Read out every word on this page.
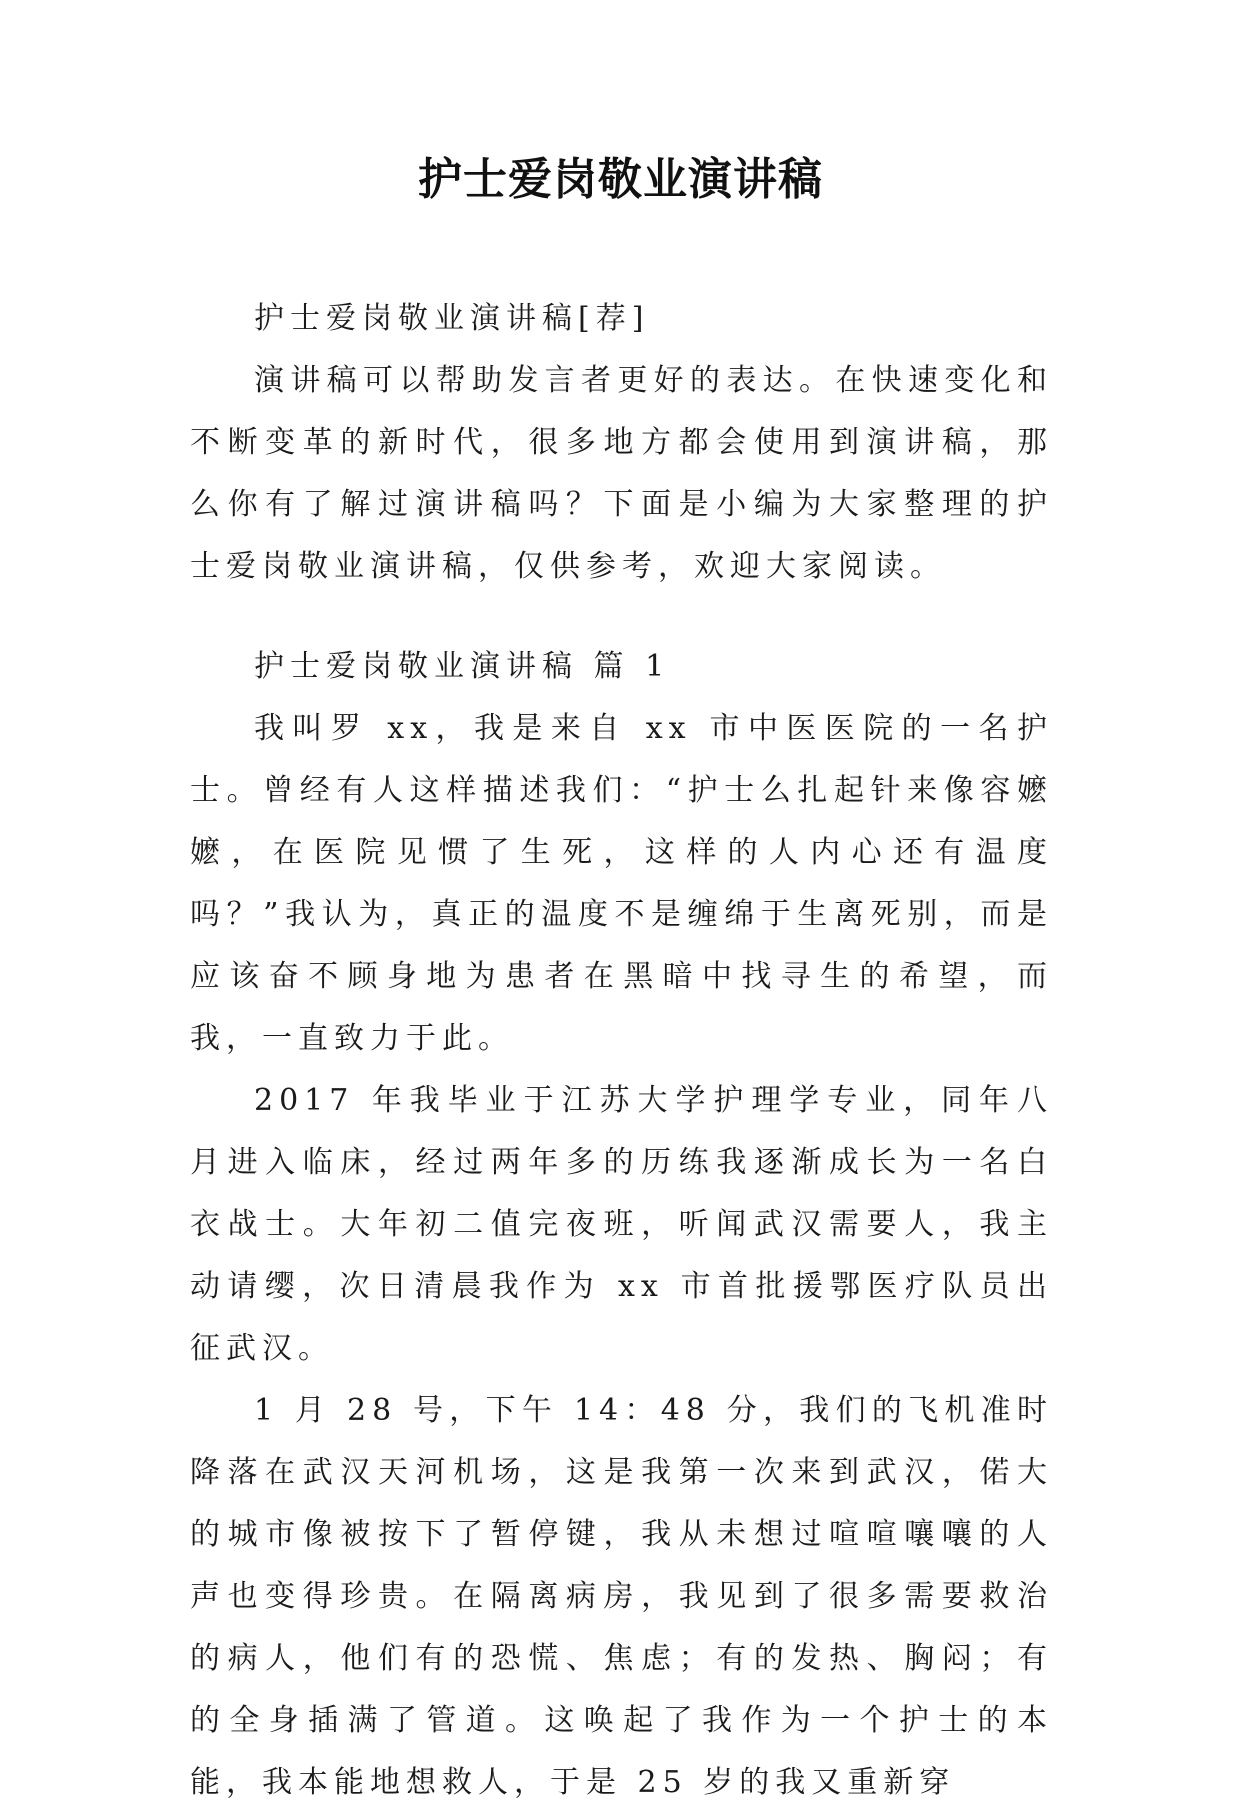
护士爱岗敬业演讲稿

护士爱岗敬业演讲稿[荐]

演讲稿可以帮助发言者更好的表达。在快速变化和不断变革的新时代，很多地方都会使用到演讲稿，那么你有了解过演讲稿吗？下面是小编为大家整理的护士爱岗敬业演讲稿，仅供参考，欢迎大家阅读。

护士爱岗敬业演讲稿 篇 1

我叫罗 xx，我是来自 xx 市中医医院的一名护士。曾经有人这样描述我们：“护士么扎起针来像容嬷嬷，在医院见惯了生死，这样的人内心还有温度吗？”我认为，真正的温度不是缠绵于生离死别，而是应该奋不顾身地为患者在黑暗中找寻生的希望，而我，一直致力于此。

2017 年我毕业于江苏大学护理学专业，同年八月进入临床，经过两年多的历练我逐渐成长为一名白衣战士。大年初二值完夜班，听闻武汉需要人，我主动请缨，次日清晨我作为 xx 市首批援鄂医疗队员出征武汉。

1 月 28 号，下午 14：48 分，我们的飞机准时降落在武汉天河机场，这是我第一次来到武汉，偌大的城市像被按下了暂停键，我从未想过喧喧嚷嚷的人声也变得珍贵。在隔离病房，我见到了很多需要救治的病人，他们有的恐慌、焦虑；有的发热、胸闷；有的全身插满了管道。这唤起了我作为一个护士的本能，我本能地想救人，于是 25 岁的我又重新穿
